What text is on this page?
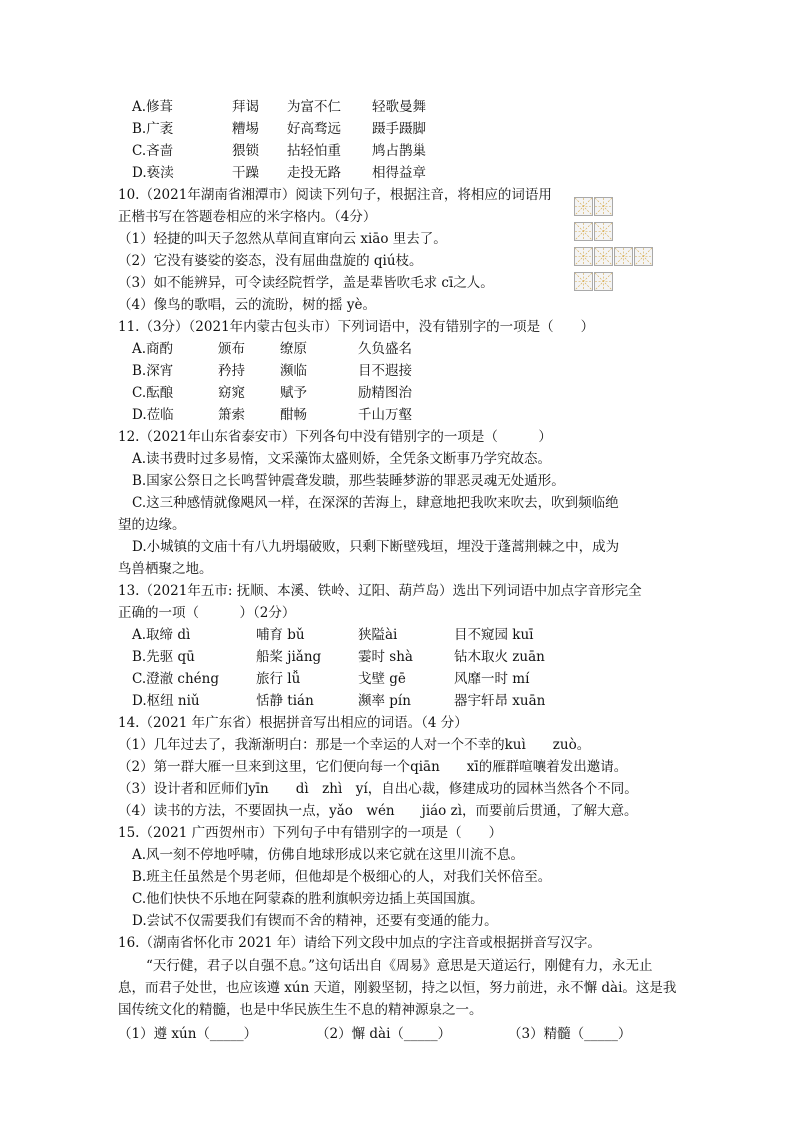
A.修葺	拜谒 为富不仁 轻歌曼舞
B.广袤	糟埸 好高骛远 蹑手蹑脚
C.吝啬	猥锁 拈轻怕重 鸠占鹊巢
D.亵渎	干躁 走投无路 相得益章
10.（2021年湖南省湘潭市）阅读下列句子，根据注音，将相应的词语用
正楷书写在答题卷相应的米字格内。（4分）
（1）轻捷的叫天子忽然从草间直窜向云 xiāo 里去了。
（2）它没有婆娑的姿态，没有屈曲盘旋的 qiú枝。
（3）如不能辨异，可令读经院哲学，盖是辈皆吹毛求 cī之人。
（4）像鸟的歌唱，云的流盼，树的摇 yè。
11.（3分）（2021年内蒙古包头市）下列词语中，没有错别字的一项是（　　）
A.商酌	颁布	缭原	久负盛名
B.深宵	矜持	濒临	目不遐接
C.酝酿	窈窕	赋予	励精图治
D.莅临	箫索	酣畅	千山万壑
12.（2021年山东省泰安市）下列各句中没有错别字的一项是（　　　）
A.读书费时过多易惰，文采藻饰太盛则娇，全凭条文断事乃学究故态。
B.国家公祭日之长鸣誓钟震聋发聩，那些装睡梦游的罪恶灵魂无处遁形。
C.这三种感情就像飓风一样，在深深的苦海上，肆意地把我吹来吹去，吹到频临绝
望的边缘。
D.小城镇的文庙十有八九坍塌破败，只剩下断壁残垣，埋没于蓬蒿荆棘之中，成为
鸟兽栖聚之地。
13.（2021年五市: 抚顺、本溪、铁岭、辽阳、葫芦岛）选出下列词语中加点字音形完全
正确的一项（　　　）（2分）
A.取缔 dì	哺育 bǔ	狭隘ài	目不窥园 kuī
B.先驱 qū	船桨 jiǎng	霎时 shà	钻木取火 zuān
C.澄澈 chéng	旅行 lǚ	戈壁 gē	风靡一时 mí
D.枢纽 niǔ	恬静 tián	濒率 pín	器宇轩昂 xuān
14.（2021 年广东省）根据拼音写出相应的词语。（4 分）
（1）几年过去了，我渐渐明白：那是一个幸运的人对一个不幸的kuì　　zuò。
（2）第一群大雁一旦来到这里，它们便向每一个qiān　　xī的雁群喧嚷着发出邀请。
（3）设计者和匠师们yīn　　dì　zhì　yí，自出心裁，修建成功的园林当然各个不同。
（4）读书的方法，不要固执一点，yǎo　wén　　jiáo zì，而要前后贯通，了解大意。
15.（2021 广西贺州市）下列句子中有错别字的一项是（　　）
A.风一刻不停地呼啸，仿佛自地球形成以来它就在这里川流不息。
B.班主任虽然是个男老师，但他却是个极细心的人，对我们关怀倍至。
C.他们快快不乐地在阿蒙森的胜利旗帜旁边插上英国国旗。
D.尝试不仅需要我们有锲而不舍的精神，还要有变通的能力。
16.（湖南省怀化市 2021 年）请给下列文段中加点的字注音或根据拼音写汉字。
“天行健，君子以自强不息。”这句话出自《周易》意思是天道运行，刚健有力，永无止息，而君子处世，也应该遵 xún 天道，刚毅坚韧，持之以恒，努力前进，永不懈 dài。这是我国传统文化的精髓，也是中华民族生生不息的精神源泉之一。
（1）遵 xún（_____）	（2）懈 dài（_____）	（3）精髓（_____）
